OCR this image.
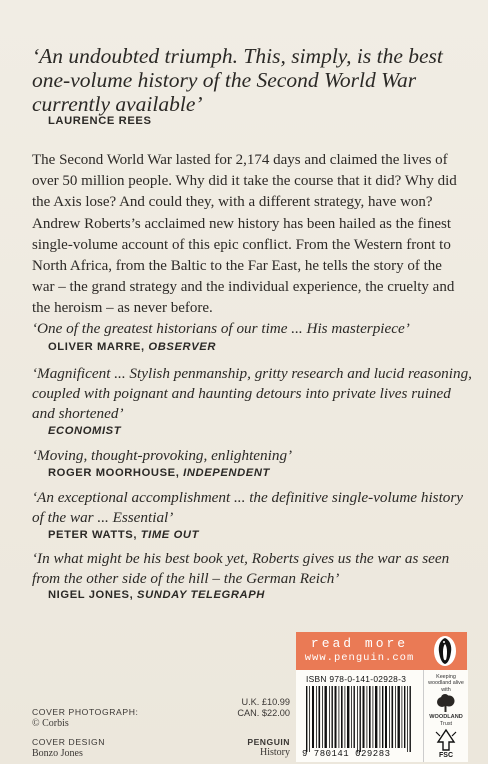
‘An undoubted triumph. This, simply, is the best one-volume history of the Second World War currently available’
LAURENCE REES
The Second World War lasted for 2,174 days and claimed the lives of over 50 million people. Why did it take the course that it did? Why did the Axis lose? And could they, with a different strategy, have won? Andrew Roberts’s acclaimed new history has been hailed as the finest single-volume account of this epic conflict. From the Western front to North Africa, from the Baltic to the Far East, he tells the story of the war – the grand strategy and the individual experience, the cruelty and the heroism – as never before.
‘One of the greatest historians of our time ... His masterpiece’
OLIVER MARRE, OBSERVER
‘Magnificent ... Stylish penmanship, gritty research and lucid reasoning, coupled with poignant and haunting detours into private lives ruined and shortened’
ECONOMIST
‘Moving, thought-provoking, enlightening’
ROGER MOORHOUSE, INDEPENDENT
‘An exceptional accomplishment ... the definitive single-volume history of the war ... Essential’
PETER WATTS, TIME OUT
‘In what might be his best book yet, Roberts gives us the war as seen from the other side of the hill – the German Reich’
NIGEL JONES, SUNDAY TELEGRAPH
COVER PHOTOGRAPH:
© Corbis
COVER DESIGN
Bonzo Jones
U.K. £10.99
CAN. $22.00
PENGUIN
History
read more
www.penguin.com
ISBN 978-0-141-02928-3
9 780141 029283
Keeping woodland alive with
WOODLAND
Trust
FSC
